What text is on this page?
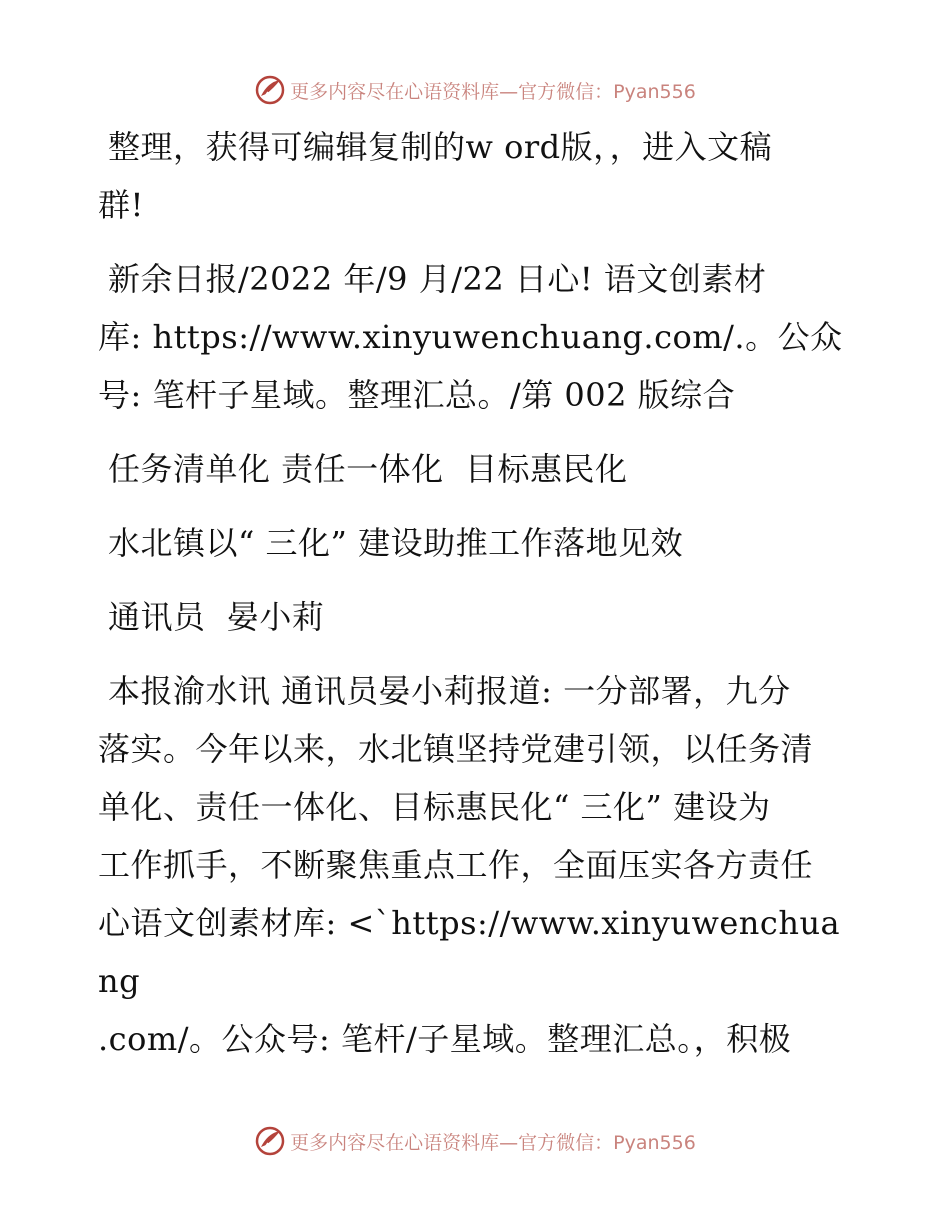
更多内容尽在心语资料库—官方微信：Pyan556

整理，获得可编辑复制的w ord版，，进入文稿

群!

新余日报/2022 年/9 月/22 日心! 语文创素材

库: https://www.xinyuwenchuang.com/.。公众

号: 笔杆子星域。整理汇总。/第 002 版综合

任务清单化 责任一体化  目标惠民化

水北镇以“ 三化” 建设助推工作落地见效

通讯员  晏小莉

本报渝水讯 通讯员晏小莉报道: 一分部署，九分

落实。今年以来，水北镇坚持党建引领，以任务清

单化、责任一体化、目标惠民化“ 三化” 建设为

工作抓手，不断聚焦重点工作，全面压实各方责任

心语文创素材库: <`https://www.xinyuwenchuang

.com/。公众号: 笔杆/子星域。整理汇总。，积极

更多内容尽在心语资料库—官方微信：Pyan556
